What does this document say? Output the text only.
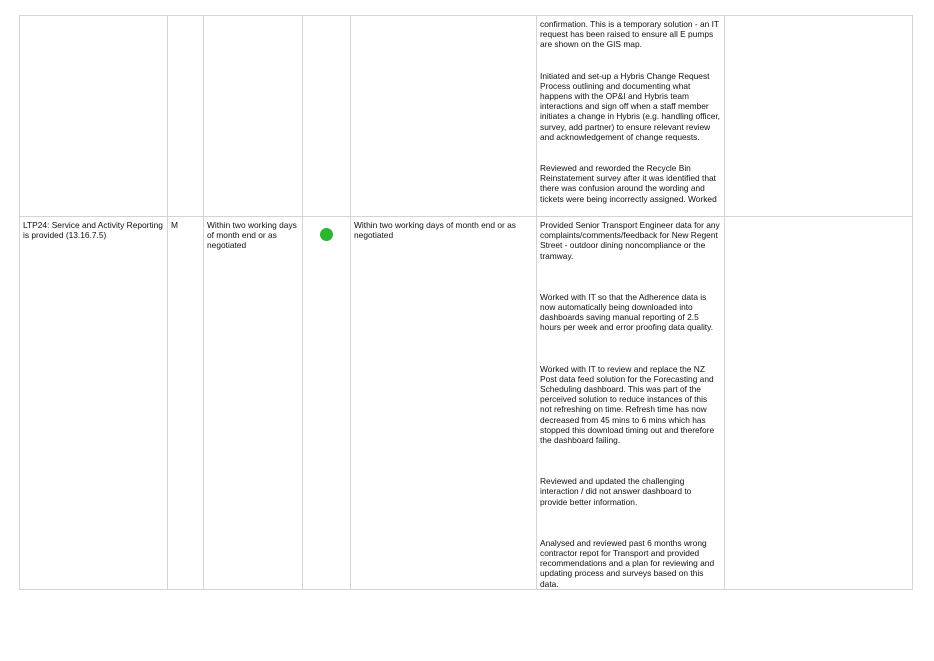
					confirmation. This is a temporary solution - an IT request has been raised to ensure all E pumps are shown on the GIS map.

Initiated and set-up a Hybris Change Request Process outlining and documenting what happens with the OP&I and Hybris team interactions and sign off when a staff member initiates a change in Hybris (e.g. handling officer, survey, add partner) to ensure relevant review and acknowledgement of change requests.

Reviewed and reworded the Recycle Bin Reinstatement survey after it was identified that there was confusion around the wording and tickets were being incorrectly assigned. Worked	

LTP24: Service and Activity Reporting is provided (13.16.7.5)	M	Within two working days of month end or as negotiated		Within two working days of month end or as negotiated	Provided Senior Transport Engineer data for any complaints/comments/feedback for New Regent Street - outdoor dining noncompliance or the tramway.

Worked with IT so that the Adherence data is now automatically being downloaded into dashboards saving manual reporting of 2.5 hours per week and error proofing data quality.

Worked with IT to review and replace the NZ Post data feed solution for the Forecasting and Scheduling dashboard. This was part of the perceived solution to reduce instances of this not refreshing on time. Refresh time has now decreased from 45 mins to 6 mins which has stopped this download timing out and therefore the dashboard failing.

Reviewed and updated the challenging interaction / did not answer dashboard to provide better information.

Analysed and reviewed past 6 months wrong contractor repot for Transport and provided recommendations and a plan for reviewing and updating process and surveys based on this data.	
